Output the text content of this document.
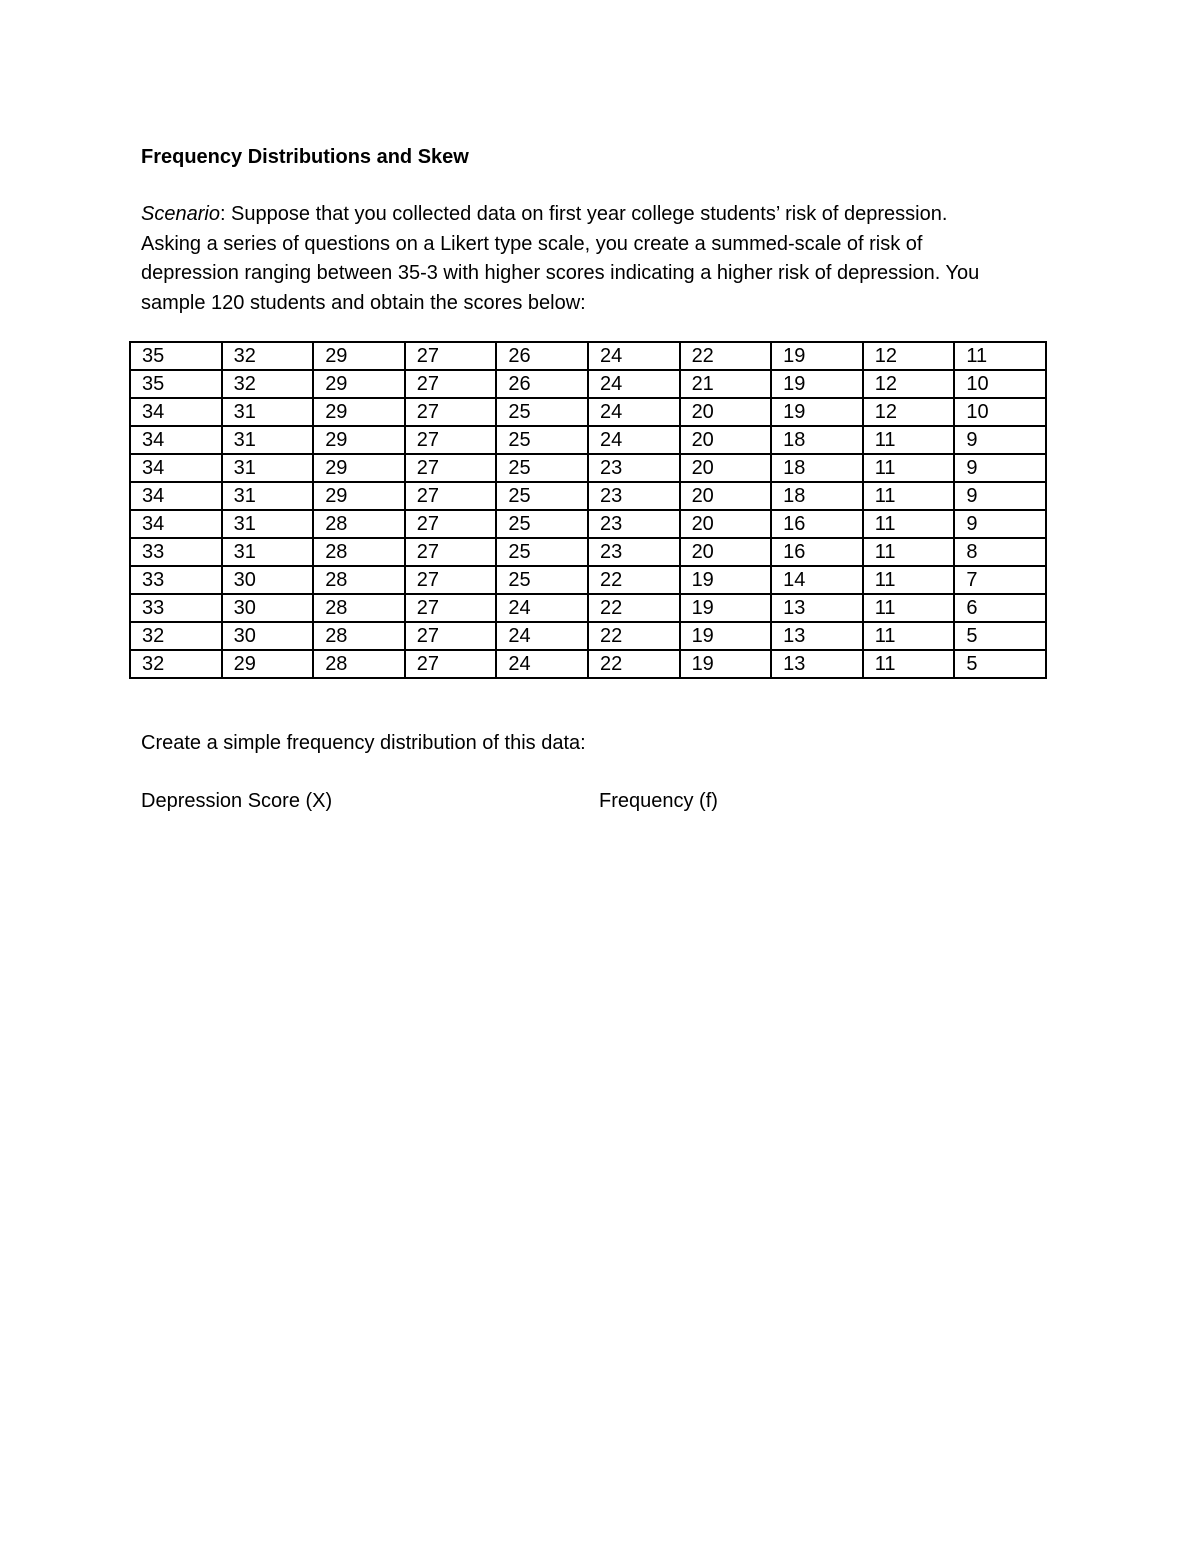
Frequency Distributions and Skew
Scenario: Suppose that you collected data on first year college students’ risk of depression.
Asking a series of questions on a Likert type scale, you create a summed-scale of risk of
depression ranging between 35-3 with higher scores indicating a higher risk of depression. You
sample 120 students and obtain the scores below:
35	32	29	27	26	24	22	19	12	11
35	32	29	27	26	24	21	19	12	10
34	31	29	27	25	24	20	19	12	10
34	31	29	27	25	24	20	18	11	9
34	31	29	27	25	23	20	18	11	9
34	31	29	27	25	23	20	18	11	9
34	31	28	27	25	23	20	16	11	9
33	31	28	27	25	23	20	16	11	8
33	30	28	27	25	22	19	14	11	7
33	30	28	27	24	22	19	13	11	6
32	30	28	27	24	22	19	13	11	5
32	29	28	27	24	22	19	13	11	5
Create a simple frequency distribution of this data:
Depression Score (X)	Frequency (f)
